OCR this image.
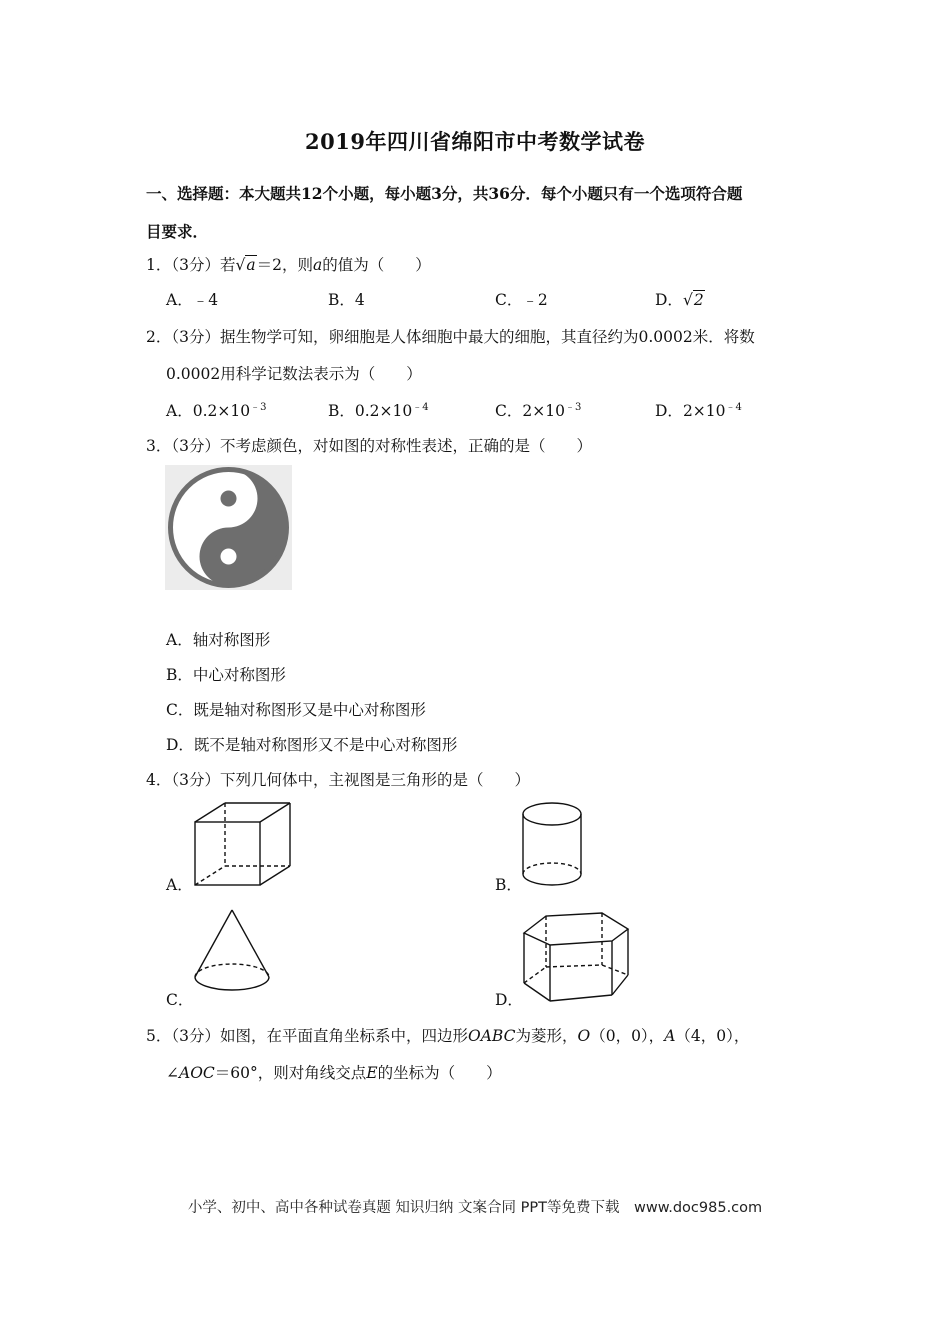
2019年四川省绵阳市中考数学试卷
一、选择题：本大题共12个小题，每小题3分，共36分．每个小题只有一个选项符合题
目要求．
1．（3分）若√a＝2，则a的值为（　　）
A．﹣4	B．4	C．﹣2	D．√2
2．（3分）据生物学可知，卵细胞是人体细胞中最大的细胞，其直径约为0.0002米．将数
0.0002用科学记数法表示为（　　）
A．$0.2\times 10^{﹣3}$	B．$0.2\times 10^{﹣4}$	C．$2\times 10^{﹣3}$	D．$2\times 10^{﹣4}$
3．（3分）不考虑颜色，对如图的对称性表述，正确的是（　　）
A．轴对称图形
B．中心对称图形
C．既是轴对称图形又是中心对称图形
D．既不是轴对称图形又不是中心对称图形
4．（3分）下列几何体中，主视图是三角形的是（　　）
A．	B．
C．	D．
5．（3分）如图，在平面直角坐标系中，四边形OABC为菱形，O（0，0），A（4，0），
∠AOC＝60°，则对角线交点E的坐标为（　　）
小学、初中、高中各种试卷真题 知识归纳 文案合同 PPT等免费下载　www.doc985.com
